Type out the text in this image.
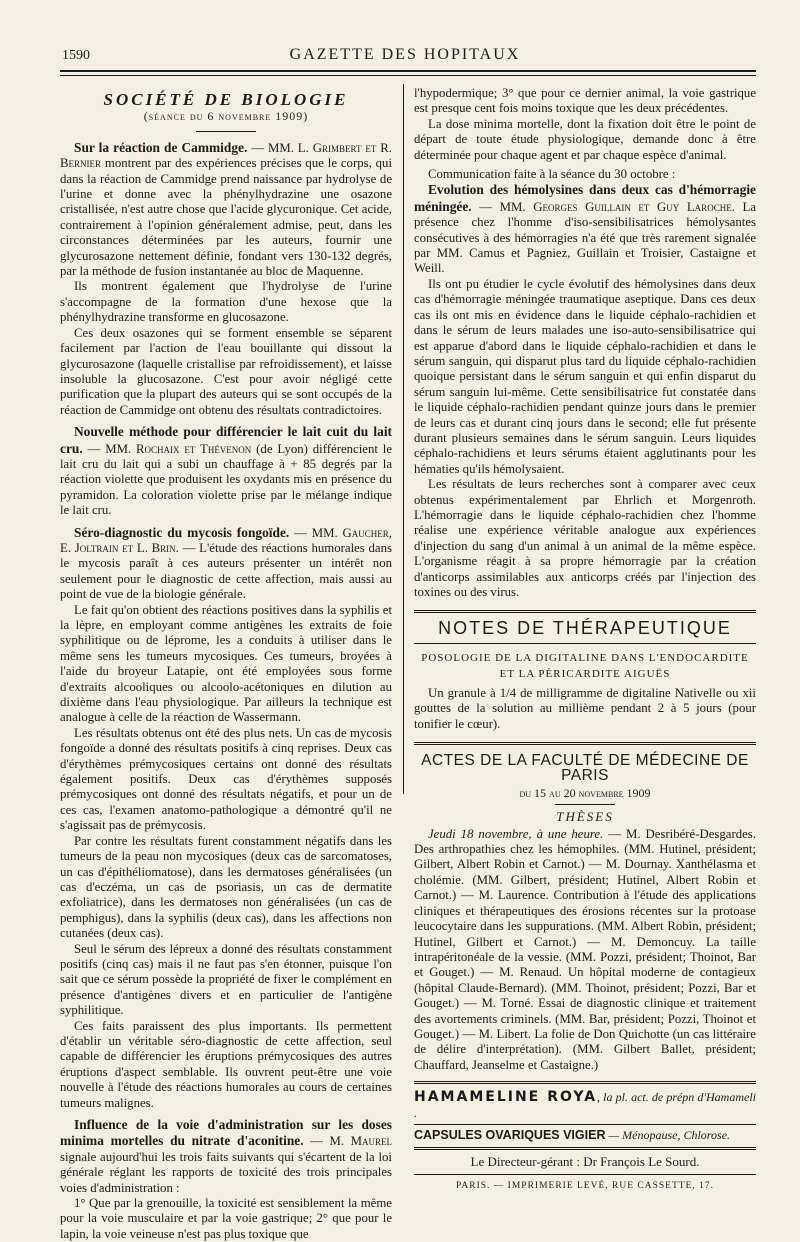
1590	GAZETTE DES HOPITAUX
SOCIÉTÉ DE BIOLOGIE
(séance du 6 novembre 1909)

Sur la réaction de Cammidge. — MM. L. Grimbert et R. Bernier montrent par des expériences précises que le corps, qui dans la réaction de Cammidge prend naissance par hydrolyse de l'urine et donne avec la phénylhydrazine une osazone cristallisée, n'est autre chose que l'acide glycuronique. Cet acide, contrairement à l'opinion généralement admise, peut, dans les circonstances déterminées par les auteurs, fournir une glycurosazone nettement définie, fondant vers 130-132 degrés, par la méthode de fusion instantanée au bloc de Maquenne.

Ils montrent également que l'hydrolyse de l'urine s'accompagne de la formation d'une hexose que la phénylhydrazine transforme en glucosazone.

Ces deux osazones qui se forment ensemble se séparent facilement par l'action de l'eau bouillante qui dissout la glycurosazone (laquelle cristallise par refroidissement), et laisse insoluble la glucosazone. C'est pour avoir négligé cette purification que la plupart des auteurs qui se sont occupés de la réaction de Cammidge ont obtenu des résultats contradictoires.

Nouvelle méthode pour différencier le lait cuit du lait cru. — MM. Rochaix et Thévenon (de Lyon) différencient le lait cru du lait qui a subi un chauffage à + 85 degrés par la réaction violette que produisent les oxydants mis en présence du pyramidon. La coloration violette prise par le mélange indique le lait cru.

Séro-diagnostic du mycosis fongoïde. — MM. Gaucher, E. Joltrain et L. Brin. — L'étude des réactions humorales dans le mycosis paraît à ces auteurs présenter un intérêt non seulement pour le diagnostic de cette affection, mais aussi au point de vue de la biologie générale.

Le fait qu'on obtient des réactions positives dans la syphilis et la lèpre, en employant comme antigènes les extraits de foie syphilitique ou de léprome, les a conduits à utiliser dans le même sens les tumeurs mycosiques. Ces tumeurs, broyées à l'aide du broyeur Latapie, ont été employées sous forme d'extraits alcooliques ou alcoolo-acétoniques en dilution au dixième dans l'eau physiologique. Par ailleurs la technique est analogue à celle de la réaction de Wassermann.

Les résultats obtenus ont été des plus nets. Un cas de mycosis fongoïde a donné des résultats positifs à cinq reprises. Deux cas d'érythèmes prémycosiques certains ont donné des résultats également positifs. Deux cas d'érythèmes supposés prémycosiques ont donné des résultats négatifs, et pour un de ces cas, l'examen anatomo-pathologique a démontré qu'il ne s'agissait pas de prémycosis.

Par contre les résultats furent constamment négatifs dans les tumeurs de la peau non mycosiques (deux cas de sarcomatoses, un cas d'épithéliomatose), dans les dermatoses généralisées (un cas d'eczéma, un cas de psoriasis, un cas de dermatite exfoliatrice), dans les dermatoses non généralisées (un cas de pemphigus), dans la syphilis (deux cas), dans les affections non cutanées (deux cas).

Seul le sérum des lépreux a donné des résultats constamment positifs (cinq cas) mais il ne faut pas s'en étonner, puisque l'on sait que ce sérum possède la propriété de fixer le complément en présence d'antigènes divers et en particulier de l'antigène syphilitique.

Ces faits paraissent des plus importants. Ils permettent d'établir un véritable séro-diagnostic de cette affection, seul capable de différencier les éruptions prémycosiques des autres éruptions d'aspect semblable. Ils ouvrent peut-être une voie nouvelle à l'étude des réactions humorales au cours de certaines tumeurs malignes.

Influence de la voie d'administration sur les doses minima mortelles du nitrate d'aconitine. — M. Maurel signale aujourd'hui les trois faits suivants qui s'écartent de la loi générale réglant les rapports de toxicité des trois principales voies d'administration :

1° Que par la grenouille, la toxicité est sensiblement la même pour la voie musculaire et par la voie gastrique; 2° que pour le lapin, la voie veineuse n'est pas plus toxique que

l'hypodermique; 3° que pour ce dernier animal, la voie gastrique est presque cent fois moins toxique que les deux précédentes.

La dose minima mortelle, dont la fixation doit être le point de départ de toute étude physiologique, demande donc à être déterminée pour chaque agent et par chaque espèce d'animal.

Communication faite à la séance du 30 octobre :

Evolution des hémolysines dans deux cas d'hémorragie méningée. — MM. Georges Guillain et Guy Laroche. La présence chez l'homme d'iso-sensibilisatrices hémolysantes consécutives à des hémorragies n'a été que très rarement signalée par MM. Camus et Pagniez, Guillain et Troisier, Castaigne et Weill.

Ils ont pu étudier le cycle évolutif des hémolysines dans deux cas d'hémorragie méningée traumatique aseptique. Dans ces deux cas ils ont mis en évidence dans le liquide céphalo-rachidien et dans le sérum de leurs malades une iso-auto-sensibilisatrice qui est apparue d'abord dans le liquide céphalo-rachidien et dans le sérum sanguin, qui disparut plus tard du liquide céphalo-rachidien quoique persistant dans le sérum sanguin et qui enfin disparut du sérum sanguin lui-même. Cette sensibilisatrice fut constatée dans le liquide céphalo-rachidien pendant quinze jours dans le premier de leurs cas et durant cinq jours dans le second; elle fut présente durant plusieurs semaines dans le sérum sanguin. Leurs liquides céphalo-rachidiens et leurs sérums étaient agglutinants pour les hématies qu'ils hémolysaient.

Les résultats de leurs recherches sont à comparer avec ceux obtenus expérimentalement par Ehrlich et Morgenroth. L'hémorragie dans le liquide céphalo-rachidien chez l'homme réalise une expérience véritable analogue aux expériences d'injection du sang d'un animal à un animal de la même espèce. L'organisme réagit à sa propre hémorragie par la création d'anticorps assimilables aux anticorps créés par l'injection des toxines ou des virus.

NOTES DE THÉRAPEUTIQUE
POSOLOGIE DE LA DIGITALINE DANS L'ENDOCARDITE
ET LA PÉRICARDITE AIGUËS

Un granule à 1/4 de milligramme de digitaline Nativelle ou xii gouttes de la solution au millième pendant 2 à 5 jours (pour tonifier le cœur).

ACTES DE LA FACULTÉ DE MÉDECINE DE PARIS
du 15 au 20 novembre 1909
THÈSES

Jeudi 18 novembre, à une heure. — M. Desribéré-Desgardes. Des arthropathies chez les hémophiles. (MM. Hutinel, président; Gilbert, Albert Robin et Carnot.) — M. Dournay. Xanthélasma et cholémie. (MM. Gilbert, président; Hutinel, Albert Robin et Carnot.) — M. Laurence. Contribution à l'étude des applications cliniques et thérapeutiques des érosions récentes sur la protoase leucocytaire dans les suppurations. (MM. Albert Robin, président; Hutinel, Gilbert et Carnot.) — M. Demoncuy. La taille intrapéritonéale de la vessie. (MM. Pozzi, président; Thoinot, Bar et Gouget.) — M. Renaud. Un hôpital moderne de contagieux (hôpital Claude-Bernard). (MM. Thoinot, président; Pozzi, Bar et Gouget.) — M. Torné. Essai de diagnostic clinique et traitement des avortements criminels. (MM. Bar, président; Pozzi, Thoinot et Gouget.) — M. Libert. La folie de Don Quichotte (un cas littéraire de délire d'interprétation). (MM. Gilbert Ballet, président; Chauffard, Jeanselme et Castaigne.)

HAMAMELINE ROYA, la pl. act. de prépn d'Hamameli .
CAPSULES OVARIQUES VIGIER — Ménopause, Chlorose.
Le Directeur-gérant : Dr François Le Sourd.
PARIS. — IMPRIMERIE LEVÉ, RUE CASSETTE, 17.
